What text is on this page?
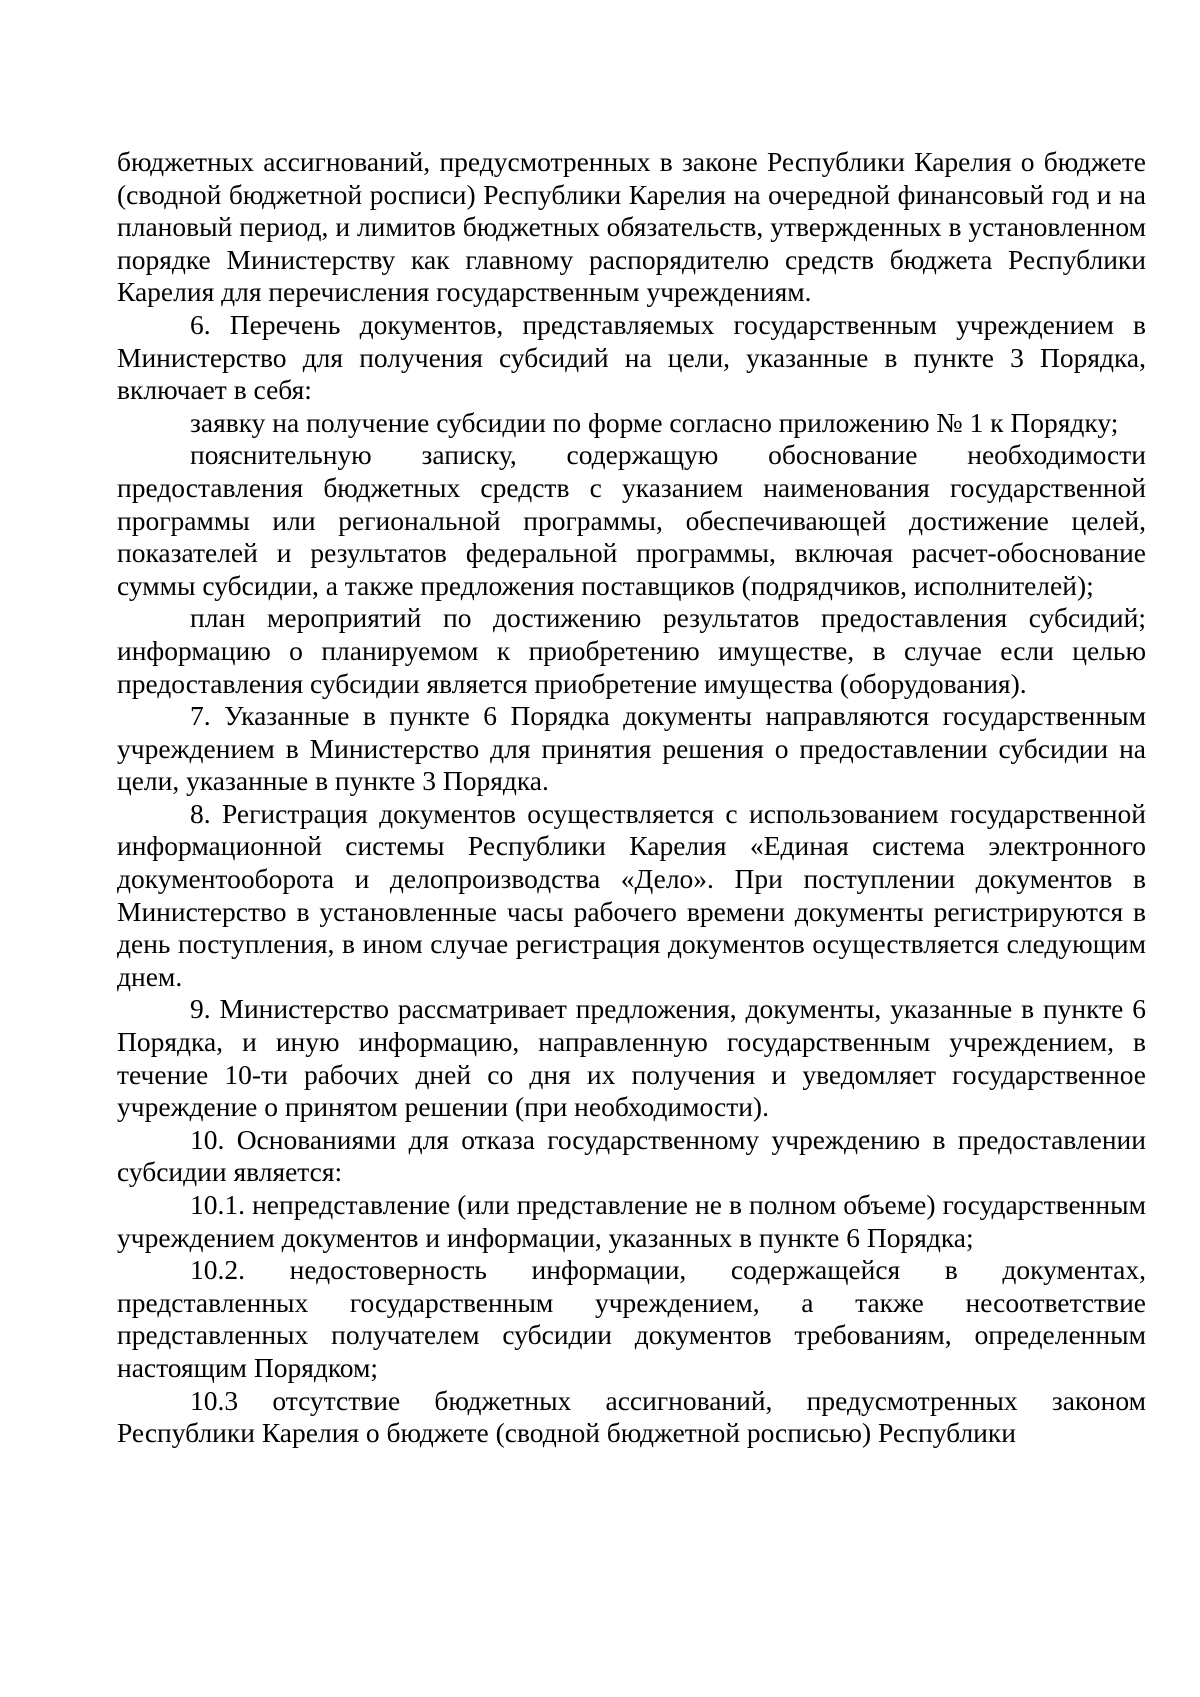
бюджетных ассигнований, предусмотренных в законе Республики Карелия о бюджете (сводной бюджетной росписи) Республики Карелия на очередной финансовый год и на плановый период, и лимитов бюджетных обязательств, утвержденных в установленном порядке Министерству как главному распорядителю средств бюджета Республики Карелия для перечисления государственным учреждениям.

6. Перечень документов, представляемых государственным учреждением в Министерство для получения субсидий на цели, указанные в пункте 3 Порядка, включает в себя:

заявку на получение субсидии по форме согласно приложению № 1 к Порядку;

пояснительную записку, содержащую обоснование необходимости предоставления бюджетных средств с указанием наименования государственной программы или региональной программы, обеспечивающей достижение целей, показателей и результатов федеральной программы, включая расчет-обоснование суммы субсидии, а также предложения поставщиков (подрядчиков, исполнителей);

план мероприятий по достижению результатов предоставления субсидий; информацию о планируемом к приобретению имуществе, в случае если целью предоставления субсидии является приобретение имущества (оборудования).

7. Указанные в пункте 6 Порядка документы направляются государственным учреждением в Министерство для принятия решения о предоставлении субсидии на цели, указанные в пункте 3 Порядка.

8. Регистрация документов осуществляется с использованием государственной информационной системы Республики Карелия «Единая система электронного документооборота и делопроизводства «Дело». При поступлении документов в Министерство в установленные часы рабочего времени документы регистрируются в день поступления, в ином случае регистрация документов осуществляется следующим днем.

9. Министерство рассматривает предложения, документы, указанные в пункте 6 Порядка, и иную информацию, направленную государственным учреждением, в течение 10-ти рабочих дней со дня их получения и уведомляет государственное учреждение о принятом решении (при необходимости).

10. Основаниями для отказа государственному учреждению в предоставлении субсидии является:

10.1. непредставление (или представление не в полном объеме) государственным учреждением документов и информации, указанных в пункте 6 Порядка;

10.2. недостоверность информации, содержащейся в документах, представленных государственным учреждением, а также несоответствие представленных получателем субсидии документов требованиям, определенным настоящим Порядком;

10.3 отсутствие бюджетных ассигнований, предусмотренных законом Республики Карелия о бюджете (сводной бюджетной росписью) Республики
